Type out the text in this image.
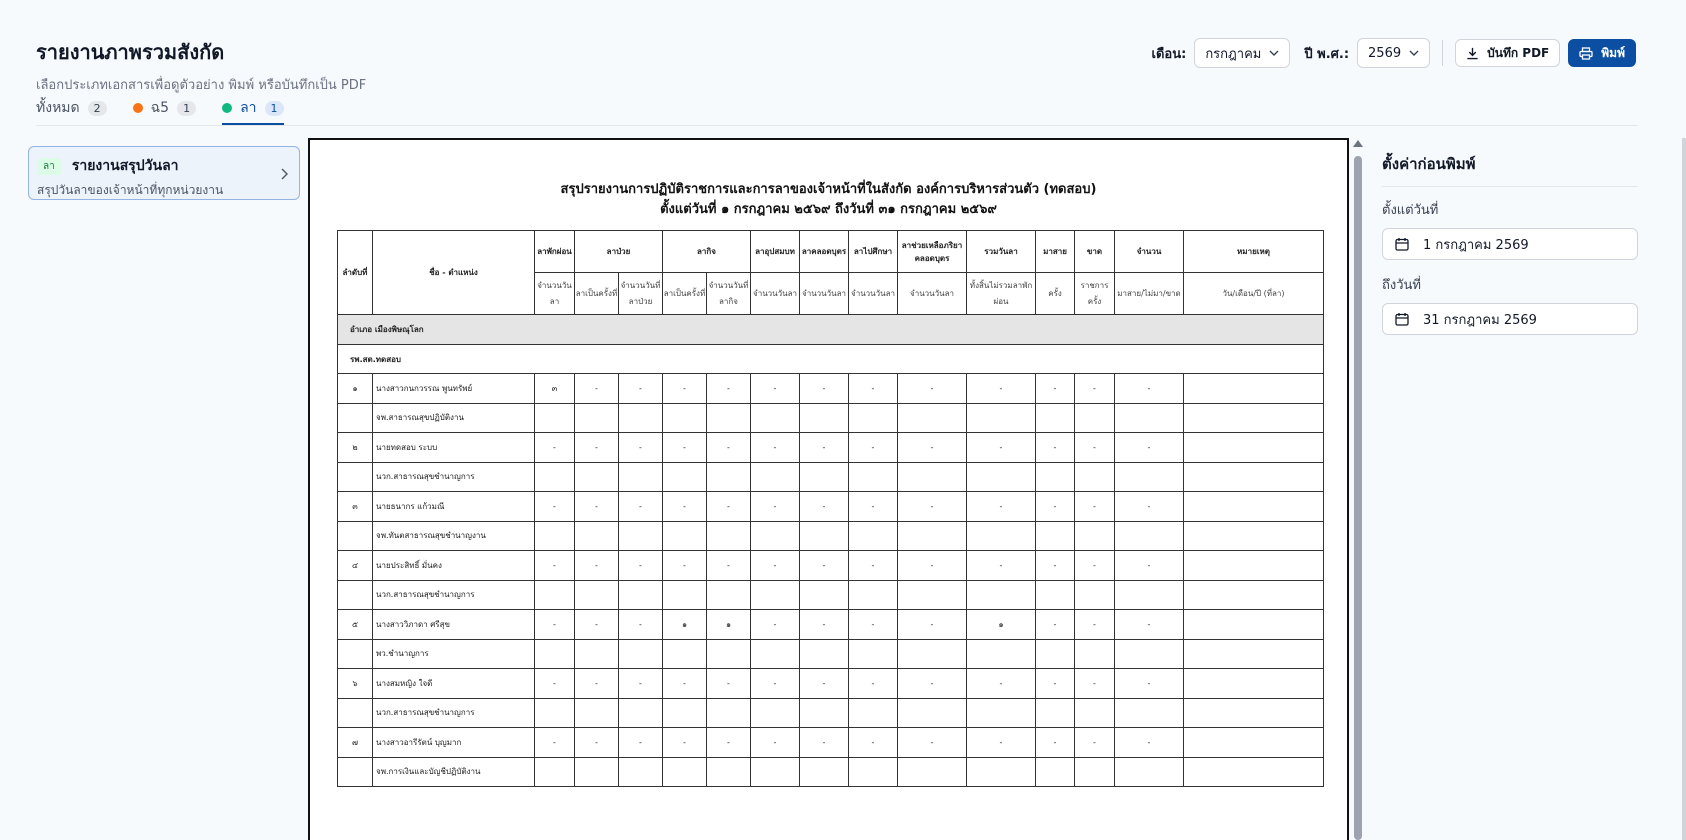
รายงานภาพรวมสังกัด
เลือกประเภทเอกสารเพื่อดูตัวอย่าง พิมพ์ หรือบันทึกเป็น PDF
เดือน: กรกฎาคม	ปี พ.ศ.: 2569	บันทึก PDF	พิมพ์
ทั้งหมด	2	ฉ5	1	ลา	1
ลา รายงานสรุปวันลา
สรุปวันลาของเจ้าหน้าที่ทุกหน่วยงาน	สรุปรายงานการปฏิบัติราชการและการลาของเจ้าหน้าที่ในสังกัด องค์การบริหารส่วนตัว (ทดสอบ)
ตั้งแต่วันที่ ๑ กรกฎาคม ๒๕๖๙ ถึงวันที่ ๓๑ กรกฎาคม ๒๕๖๙
ลำดับที่	ชื่อ - ตำแหน่ง	ลาพักผ่อน	ลาป่วย		ลากิจ		ลาอุปสมบท	ลาคลอดบุตร	ลาไปศึกษา	ลาช่วยเหลือภริยาคลอดบุตร	รวมวันลา	มาสาย	ขาด	จำนวน	หมายเหตุ
		จำนวนวันลา	ลาเป็นครั้งที่	จำนวนวันที่ลาป่วย	ลาเป็นครั้งที่	จำนวนวันที่ลากิจ	จำนวนวันลา	จำนวนวันลา	จำนวนวันลา	จำนวนวันลา	ทั้งสิ้นไม่รวมลาพักผ่อน	ครั้ง	ราชการครั้ง	มาสาย/ไม่มา/ขาด	วัน/เดือน/ปี (ที่ลา)
อำเภอ เมืองพิษณุโลก															
รพ.สต.ทดสอบ															
๑	นางสาวกนกวรรณ พูนทรัพย์	๓	-	-	-	-	-	-	-	-	-	-	-	-	
	จพ.สาธารณสุขปฏิบัติงาน														
๒	นายทดสอบ ระบบ	-	-	-	-	-	-	-	-	-	-	-	-	-	
	นวก.สาธารณสุขชำนาญการ														
๓	นายธนากร แก้วมณี	-	-	-	-	-	-	-	-	-	-	-	-	-	
	จพ.ทันตสาธารณสุขชำนาญงาน														
๔	นายประสิทธิ์ มั่นคง	-	-	-	-	-	-	-	-	-	-	-	-	-	
	นวก.สาธารณสุขชำนาญการ														
๕	นางสาววิภาดา ศรีสุข	-	-	-	๑	๑	-	-	-	-	๑	-	-	-	
	พว.ชำนาญการ														
๖	นางสมหญิง ใจดี	-	-	-	-	-	-	-	-	-	-	-	-	-	
	นวก.สาธารณสุขชำนาญการ														
๗	นางสาวอารีรัตน์ บุญมาก	-	-	-	-	-	-	-	-	-	-	-	-	-	
	จพ.การเงินและบัญชีปฏิบัติงาน														
ตั้งค่าก่อนพิมพ์
ตั้งแต่วันที่
1 กรกฎาคม 2569
ถึงวันที่
31 กรกฎาคม 2569
